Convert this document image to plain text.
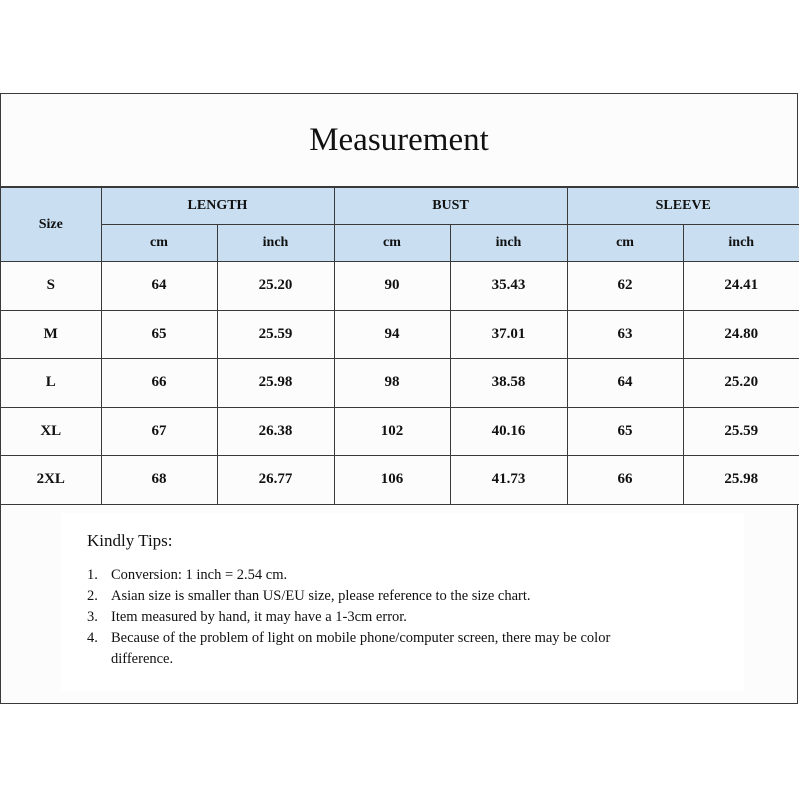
Measurement
Size	LENGTH		BUST		SLEEVE	
	cm	inch	cm	inch	cm	inch
S	64	25.20	90	35.43	62	24.41
M	65	25.59	94	37.01	63	24.80
L	66	25.98	98	38.58	64	25.20
XL	67	26.38	102	40.16	65	25.59
2XL	68	26.77	106	41.73	66	25.98
Kindly Tips:
1. Conversion: 1 inch = 2.54 cm.
2. Asian size is smaller than US/EU size, please reference to the size chart.
3. Item measured by hand, it may have a 1-3cm error.
4. Because of the problem of light on mobile phone/computer screen, there may be color difference.
